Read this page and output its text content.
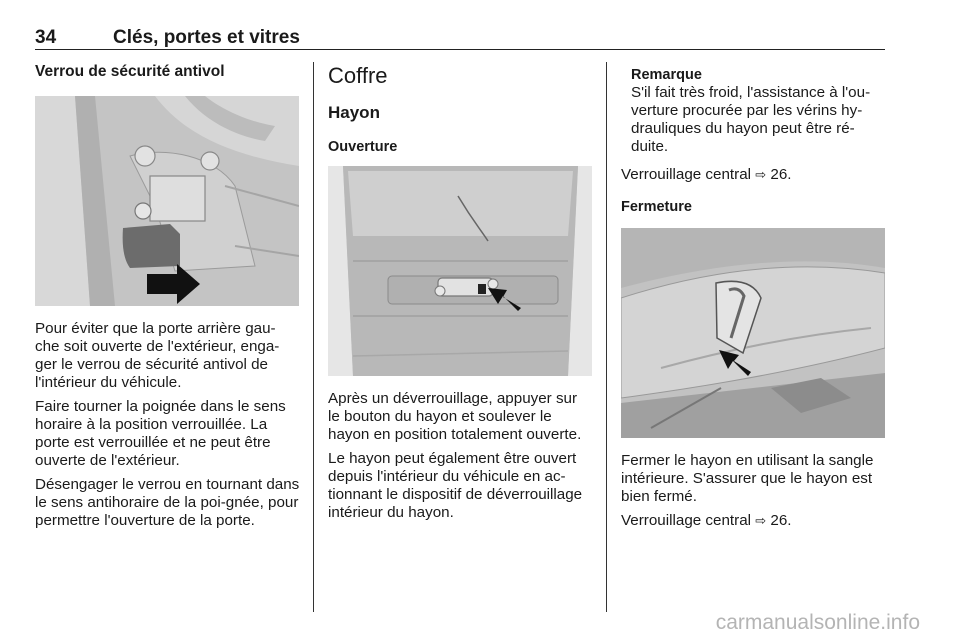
34	Clés, portes et vitres
Verrou de sécurité antivol

Pour éviter que la porte arrière gau-che soit ouverte de l'extérieur, enga-ger le verrou de sécurité antivol de l'intérieur du véhicule.

Faire tourner la poignée dans le sens horaire à la position verrouillée. La porte est verrouillée et ne peut être ouverte de l'extérieur.

Désengager le verrou en tournant dans le sens antihoraire de la poi-gnée, pour permettre l'ouverture de la porte.

Coffre
Hayon
Ouverture

Après un déverrouillage, appuyer sur le bouton du hayon et soulever le hayon en position totalement ouverte.

Le hayon peut également être ouvert depuis l'intérieur du véhicule en ac-tionnant le dispositif de déverrouillage intérieur du hayon.

Remarque
S'il fait très froid, l'assistance à l'ou-verture procurée par les vérins hy-drauliques du hayon peut être ré-duite.

Verrouillage central ⇨ 26.

Fermeture

Fermer le hayon en utilisant la sangle intérieure. S'assurer que le hayon est bien fermé.

Verrouillage central ⇨ 26.

carmanualsonline.info
